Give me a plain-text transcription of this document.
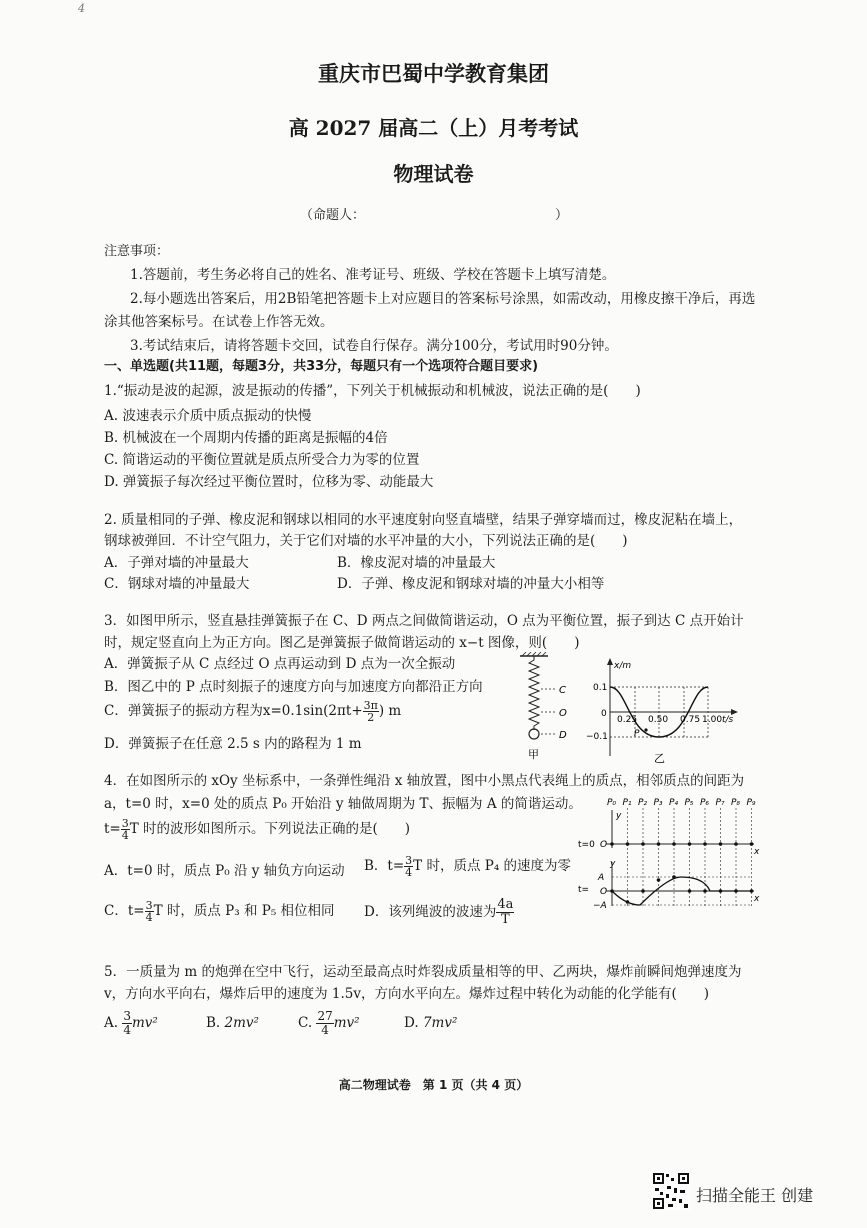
4
重庆市巴蜀中学教育集团
高 2027 届高二（上）月考考试
物理试卷
（命题人：	）
注意事项：
1.答题前，考生务必将自己的姓名、准考证号、班级、学校在答题卡上填写清楚。
2.每小题选出答案后，用2B铅笔把答题卡上对应题目的答案标号涂黑，如需改动，用橡皮擦干净后，再选
涂其他答案标号。在试卷上作答无效。
3.考试结束后，请将答题卡交回，试卷自行保存。满分100分，考试用时90分钟。
一、单选题(共11题，每题3分，共33分，每题只有一个选项符合题目要求)
1.“振动是波的起源，波是振动的传播”，下列关于机械振动和机械波，说法正确的是(　　)
A. 波速表示介质中质点振动的快慢
B. 机械波在一个周期内传播的距离是振幅的4倍
C. 简谐运动的平衡位置就是质点所受合力为零的位置
D. 弹簧振子每次经过平衡位置时，位移为零、动能最大
2. 质量相同的子弹、橡皮泥和钢球以相同的水平速度射向竖直墙壁，结果子弹穿墙而过，橡皮泥粘在墙上，
钢球被弹回．不计空气阻力，关于它们对墙的水平冲量的大小，下列说法正确的是(　　)
A．子弹对墙的冲量最大	B．橡皮泥对墙的冲量最大
C．钢球对墙的冲量最大	D．子弹、橡皮泥和钢球对墙的冲量大小相等
3．如图甲所示，竖直悬挂弹簧振子在 C、D 两点之间做简谐运动，O 点为平衡位置，振子到达 C 点开始计
时，规定竖直向上为正方向。图乙是弹簧振子做简谐运动的 x−t 图像，则(　　)
A．弹簧振子从 C 点经过 O 点再运动到 D 点为一次全振动
B．图乙中的 P 点时刻振子的速度方向与加速度方向都沿正方向
C．弹簧振子的振动方程为$x=0.1\sin(2\pi t+ \frac{3\pi}{2}$ ) m
D．弹簧振子在任意 2.5 s 内的路程为 1 m
C
O
D
甲
x/m
t/s
0.1
0
−0.1	P
0.25 0.50 0.75 1.00
乙
4．在如图所示的 xOy 坐标系中，一条弹性绳沿 x 轴放置，图中小黑点代表绳上的质点，相邻质点的间距为
a，t=0 时，x=0 处的质点 P₀ 开始沿 y 轴做周期为 T、振幅为 A 的简谐运动。
$t= \frac{3}{4}$ T 时的波形如图所示。下列说法正确的是(　　)
A．t=0 时，质点 P₀ 沿 y 轴负方向运动 B．$t= \frac{3}{4}$ T 时，质点 P₄ 的速度为零
C．$t= \frac{3}{4}$ T 时，质点 P₃ 和 P₅ 相位相同 D．该列绳波的波速为 $\frac{4a}{T}$
P₀ P₁ P₂ P₃ P₄ P₅ P₆ P₇ P₈ P₉
t=0 O
x
y
y
A
−A
t= O
x
5．一质量为 m 的炮弹在空中飞行，运动至最高点时炸裂成质量相等的甲、乙两块，爆炸前瞬间炮弹速度为
v，方向水平向右，爆炸后甲的速度为 1.5v，方向水平向左。爆炸过程中转化为动能的化学能有(　　)
A. $\frac{3}{4} mv^2$	B. 2mv²	C. $\frac{27}{4} mv^2$	D. 7mv²
高二物理试卷　第 1 页（共 4 页）
扫描全能王 创建
